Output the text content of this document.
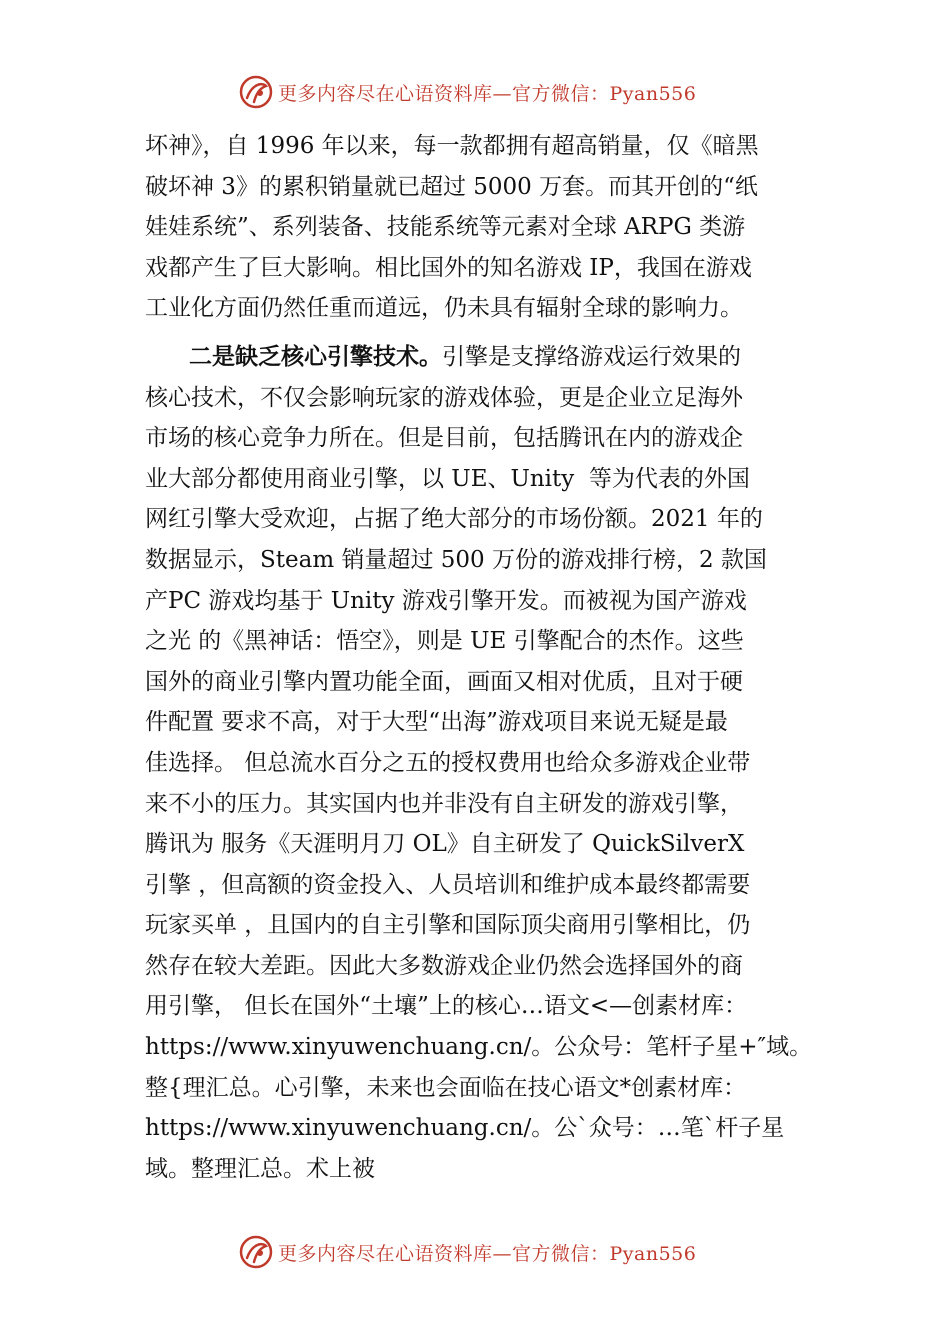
更多内容尽在心语资料库—官方微信：Pyan556
坏神》，自 1996 年以来，每一款都拥有超高销量，仅《暗黑
破坏神 3》的累积销量就已超过 5000 万套。而其开创的“纸
娃娃系统”、系列装备、技能系统等元素对全球 ARPG 类游
戏都产生了巨大影响。相比国外的知名游戏 IP，我国在游戏
工业化方面仍然任重而道远，仍未具有辐射全球的影响力。
二是缺乏核心引擎技术。引擎是支撑络游戏运行效果的
核心技术，不仅会影响玩家的游戏体验，更是企业立足海外
市场的核心竞争力所在。但是目前，包括腾讯在内的游戏企
业大部分都使用商业引擎，以 UE、Unity  等为代表的外国
网红引擎大受欢迎，占据了绝大部分的市场份额。2021 年的
数据显示，Steam 销量超过 500 万份的游戏排行榜，2 款国
产PC 游戏均基于 Unity 游戏引擎开发。而被视为国产游戏
之光 的《黑神话：悟空》，则是 UE 引擎配合的杰作。这些
国外的商业引擎内置功能全面，画面又相对优质，且对于硬
件配置 要求不高，对于大型“出海”游戏项目来说无疑是最
佳选择。 但总流水百分之五的授权费用也给众多游戏企业带
来不小的压力。其实国内也并非没有自主研发的游戏引擎，
腾讯为 服务《天涯明月刀 OL》自主研发了 QuickSilverX
引擎 ，但高额的资金投入、人员培训和维护成本最终都需要
玩家买单 ，且国内的自主引擎和国际顶尖商用引擎相比，仍
然存在较大差距。因此大多数游戏企业仍然会选择国外的商
用引擎， 但长在国外“土壤”上的核心…语文<—创素材库：
https://www.xinyuwenchuang.cn/。公众号：笔杆子星+″域。
整{理汇总。心引擎，未来也会面临在技心语文*创素材库：
https://www.xinyuwenchuang.cn/。公`众号：…笔`杆子星
域。整理汇总。术上被
更多内容尽在心语资料库—官方微信：Pyan556
